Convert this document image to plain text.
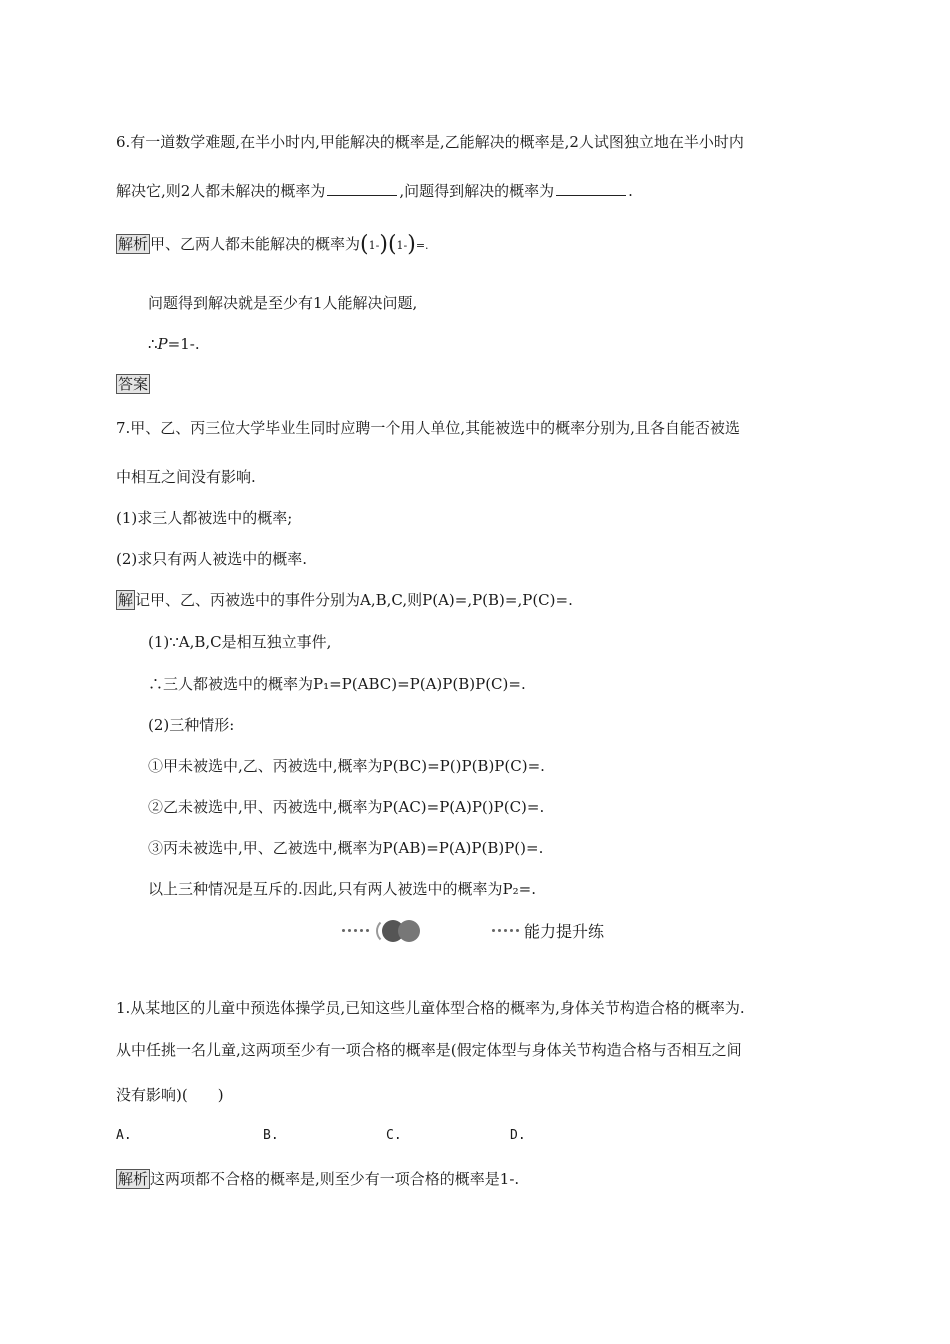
6.有一道数学难题,在半小时内,甲能解决的概率是,乙能解决的概率是,2人试图独立地在半小时内
解决它,则2人都未解决的概率为	,问题得到解决的概率为	.
解析 甲、乙两人都未能解决的概率为(1-)(1-)=.
问题得到解决就是至少有1人能解决问题,
∴P=1-.
答案
7.甲、乙、丙三位大学毕业生同时应聘一个用人单位,其能被选中的概率分别为,且各自能否被选
中相互之间没有影响.
(1)求三人都被选中的概率;
(2)求只有两人被选中的概率.
解 记甲、乙、丙被选中的事件分别为A,B,C,则P(A)=,P(B)=,P(C)=.
(1)∵A,B,C是相互独立事件,
∴三人都被选中的概率为P₁=P(ABC)=P(A)P(B)P(C)=.
(2)三种情形:
①甲未被选中,乙、丙被选中,概率为P(BC)=P()P(B)P(C)=.
②乙未被选中,甲、丙被选中,概率为P(AC)=P(A)P()P(C)=.
③丙未被选中,甲、乙被选中,概率为P(AB)=P(A)P(B)P()=.
以上三种情况是互斥的.因此,只有两人被选中的概率为P₂=.
能力提升练
1.从某地区的儿童中预选体操学员,已知这些儿童体型合格的概率为,身体关节构造合格的概率为.
从中任挑一名儿童,这两项至少有一项合格的概率是(假定体型与身体关节构造合格与否相互之间
没有影响)(　　)
A.	B.	C.	D.
解析 这两项都不合格的概率是,则至少有一项合格的概率是1-.
